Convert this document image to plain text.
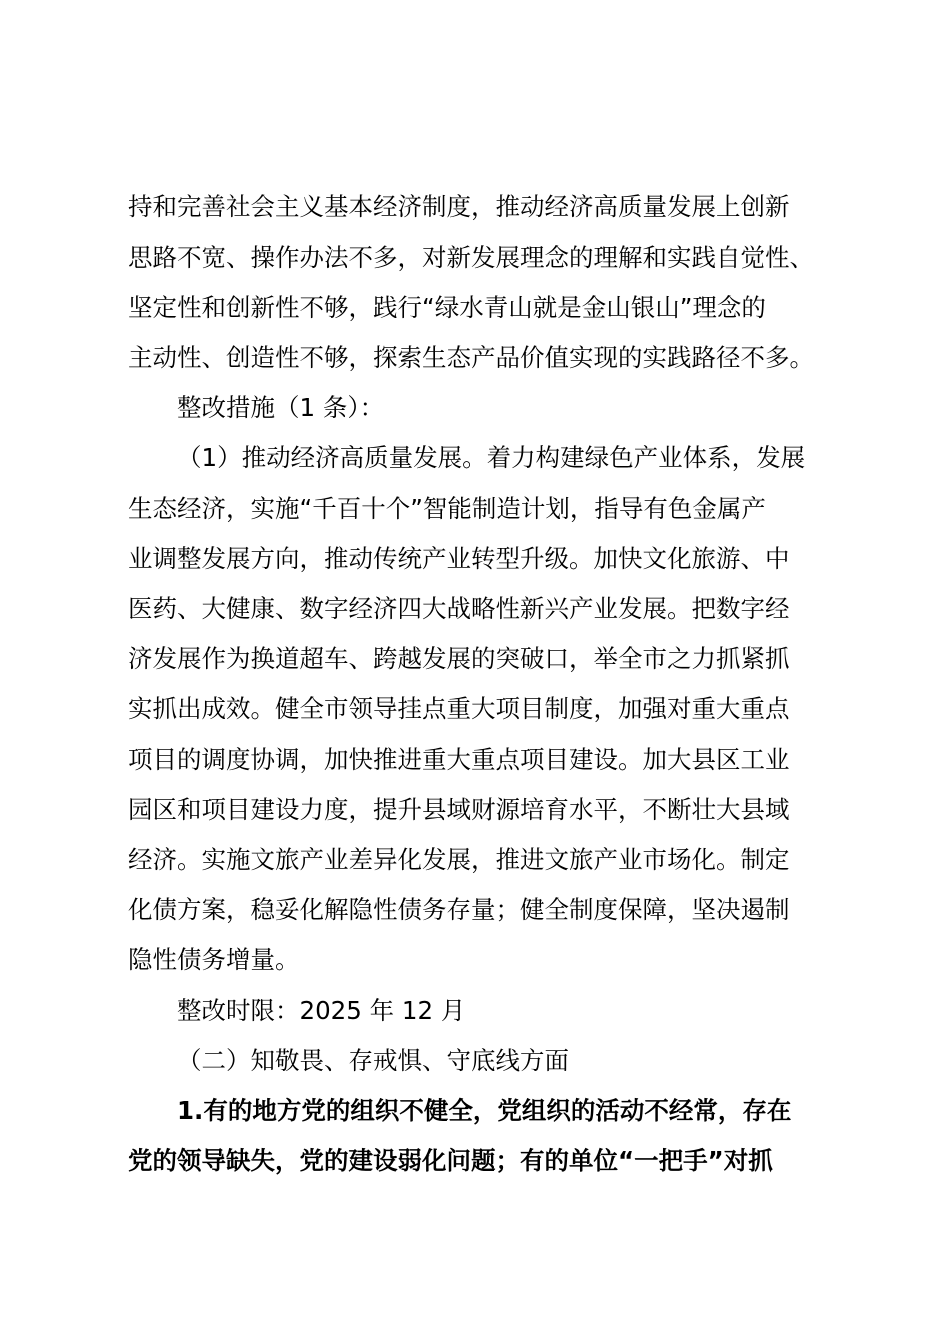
持和完善社会主义基本经济制度，推动经济高质量发展上创新
思路不宽、操作办法不多，对新发展理念的理解和实践自觉性、
坚定性和创新性不够，践行“绿水青山就是金山银山”理念的
主动性、创造性不够，探索生态产品价值实现的实践路径不多。
整改措施（1 条）：
（1）推动经济高质量发展。着力构建绿色产业体系，发展
生态经济，实施“千百十个”智能制造计划，指导有色金属产
业调整发展方向，推动传统产业转型升级。加快文化旅游、中
医药、大健康、数字经济四大战略性新兴产业发展。把数字经
济发展作为换道超车、跨越发展的突破口，举全市之力抓紧抓
实抓出成效。健全市领导挂点重大项目制度，加强对重大重点
项目的调度协调，加快推进重大重点项目建设。加大县区工业
园区和项目建设力度，提升县域财源培育水平，不断壮大县域
经济。实施文旅产业差异化发展，推进文旅产业市场化。制定
化债方案，稳妥化解隐性债务存量；健全制度保障，坚决遏制
隐性债务增量。
整改时限：2025 年 12 月
（二）知敬畏、存戒惧、守底线方面
1.有的地方党的组织不健全，党组织的活动不经常，存在
党的领导缺失，党的建设弱化问题；有的单位“一把手”对抓
